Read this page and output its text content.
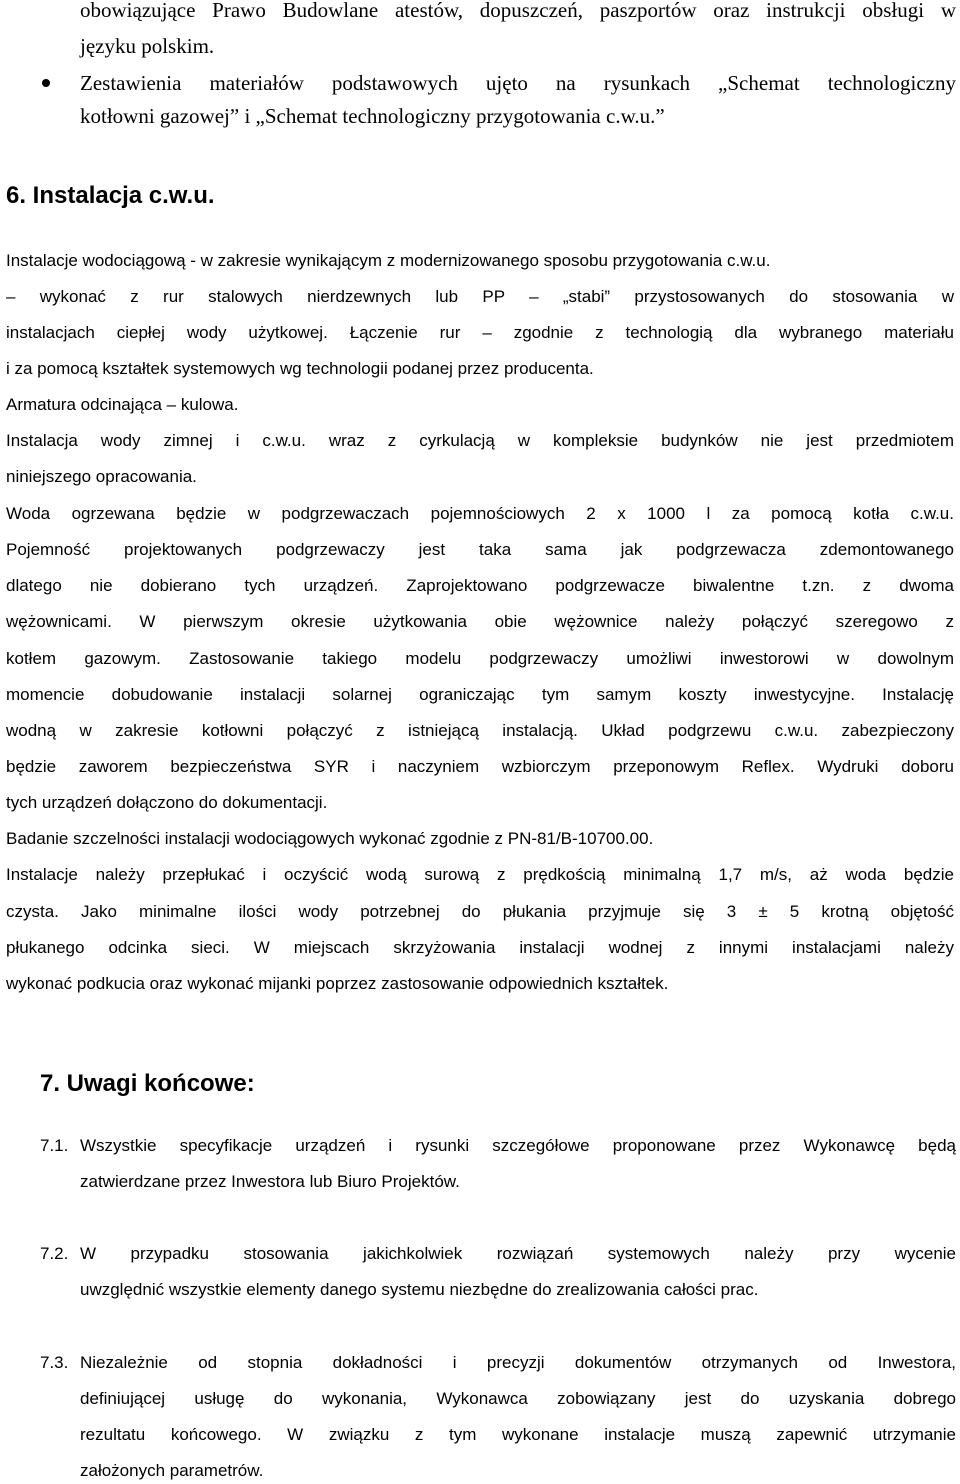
obowiązujące Prawo Budowlane atestów, dopuszczeń, paszportów oraz instrukcji obsługi w
języku polskim.
Zestawienia materiałów podstawowych ujęto na rysunkach „Schemat technologiczny
kotłowni gazowej” i „Schemat technologiczny przygotowania c.w.u.”
6. Instalacja c.w.u.
Instalacje wodociągową - w zakresie wynikającym z modernizowanego sposobu przygotowania c.w.u.
– wykonać z rur stalowych nierdzewnych lub PP – „stabi” przystosowanych do stosowania w
instalacjach ciepłej wody użytkowej. Łączenie rur – zgodnie z technologią dla wybranego materiału
i za pomocą kształtek systemowych wg technologii podanej przez producenta.
Armatura odcinająca – kulowa.
Instalacja wody zimnej i c.w.u. wraz z cyrkulacją w kompleksie budynków nie jest przedmiotem
niniejszego opracowania.
Woda ogrzewana będzie w podgrzewaczach pojemnościowych 2 x 1000 l za pomocą kotła c.w.u.
Pojemność projektowanych podgrzewaczy jest taka sama jak podgrzewacza zdemontowanego
dlatego nie dobierano tych urządzeń. Zaprojektowano podgrzewacze biwalentne t.zn. z dwoma
wężownicami. W pierwszym okresie użytkowania obie wężownice należy połączyć szeregowo z
kotłem gazowym. Zastosowanie takiego modelu podgrzewaczy umożliwi inwestorowi w dowolnym
momencie dobudowanie instalacji solarnej ograniczając tym samym koszty inwestycyjne. Instalację
wodną w zakresie kotłowni połączyć z istniejącą instalacją. Układ podgrzewu c.w.u. zabezpieczony
będzie zaworem bezpieczeństwa SYR i naczyniem wzbiorczym przeponowym Reflex. Wydruki doboru
tych urządzeń dołączono do dokumentacji.
Badanie szczelności instalacji wodociągowych wykonać zgodnie z PN-81/B-10700.00.
Instalacje należy przepłukać i oczyścić wodą surową z prędkością minimalną 1,7 m/s, aż woda będzie
czysta. Jako minimalne ilości wody potrzebnej do płukania przyjmuje się 3 ± 5 krotną objętość
płukanego odcinka sieci. W miejscach skrzyżowania instalacji wodnej z innymi instalacjami należy
wykonać podkucia oraz wykonać mijanki poprzez zastosowanie odpowiednich kształtek.
7. Uwagi końcowe:
7.1. Wszystkie specyfikacje urządzeń i rysunki szczegółowe proponowane przez Wykonawcę będą
zatwierdzane przez Inwestora lub Biuro Projektów.
7.2. W przypadku stosowania jakichkolwiek rozwiązań systemowych należy przy wycenie
uwzględnić wszystkie elementy danego systemu niezbędne do zrealizowania całości prac.
7.3. Niezależnie od stopnia dokładności i precyzji dokumentów otrzymanych od Inwestora,
definiującej usługę do wykonania, Wykonawca zobowiązany jest do uzyskania dobrego
rezultatu końcowego. W związku z tym wykonane instalacje muszą zapewnić utrzymanie
założonych parametrów.
